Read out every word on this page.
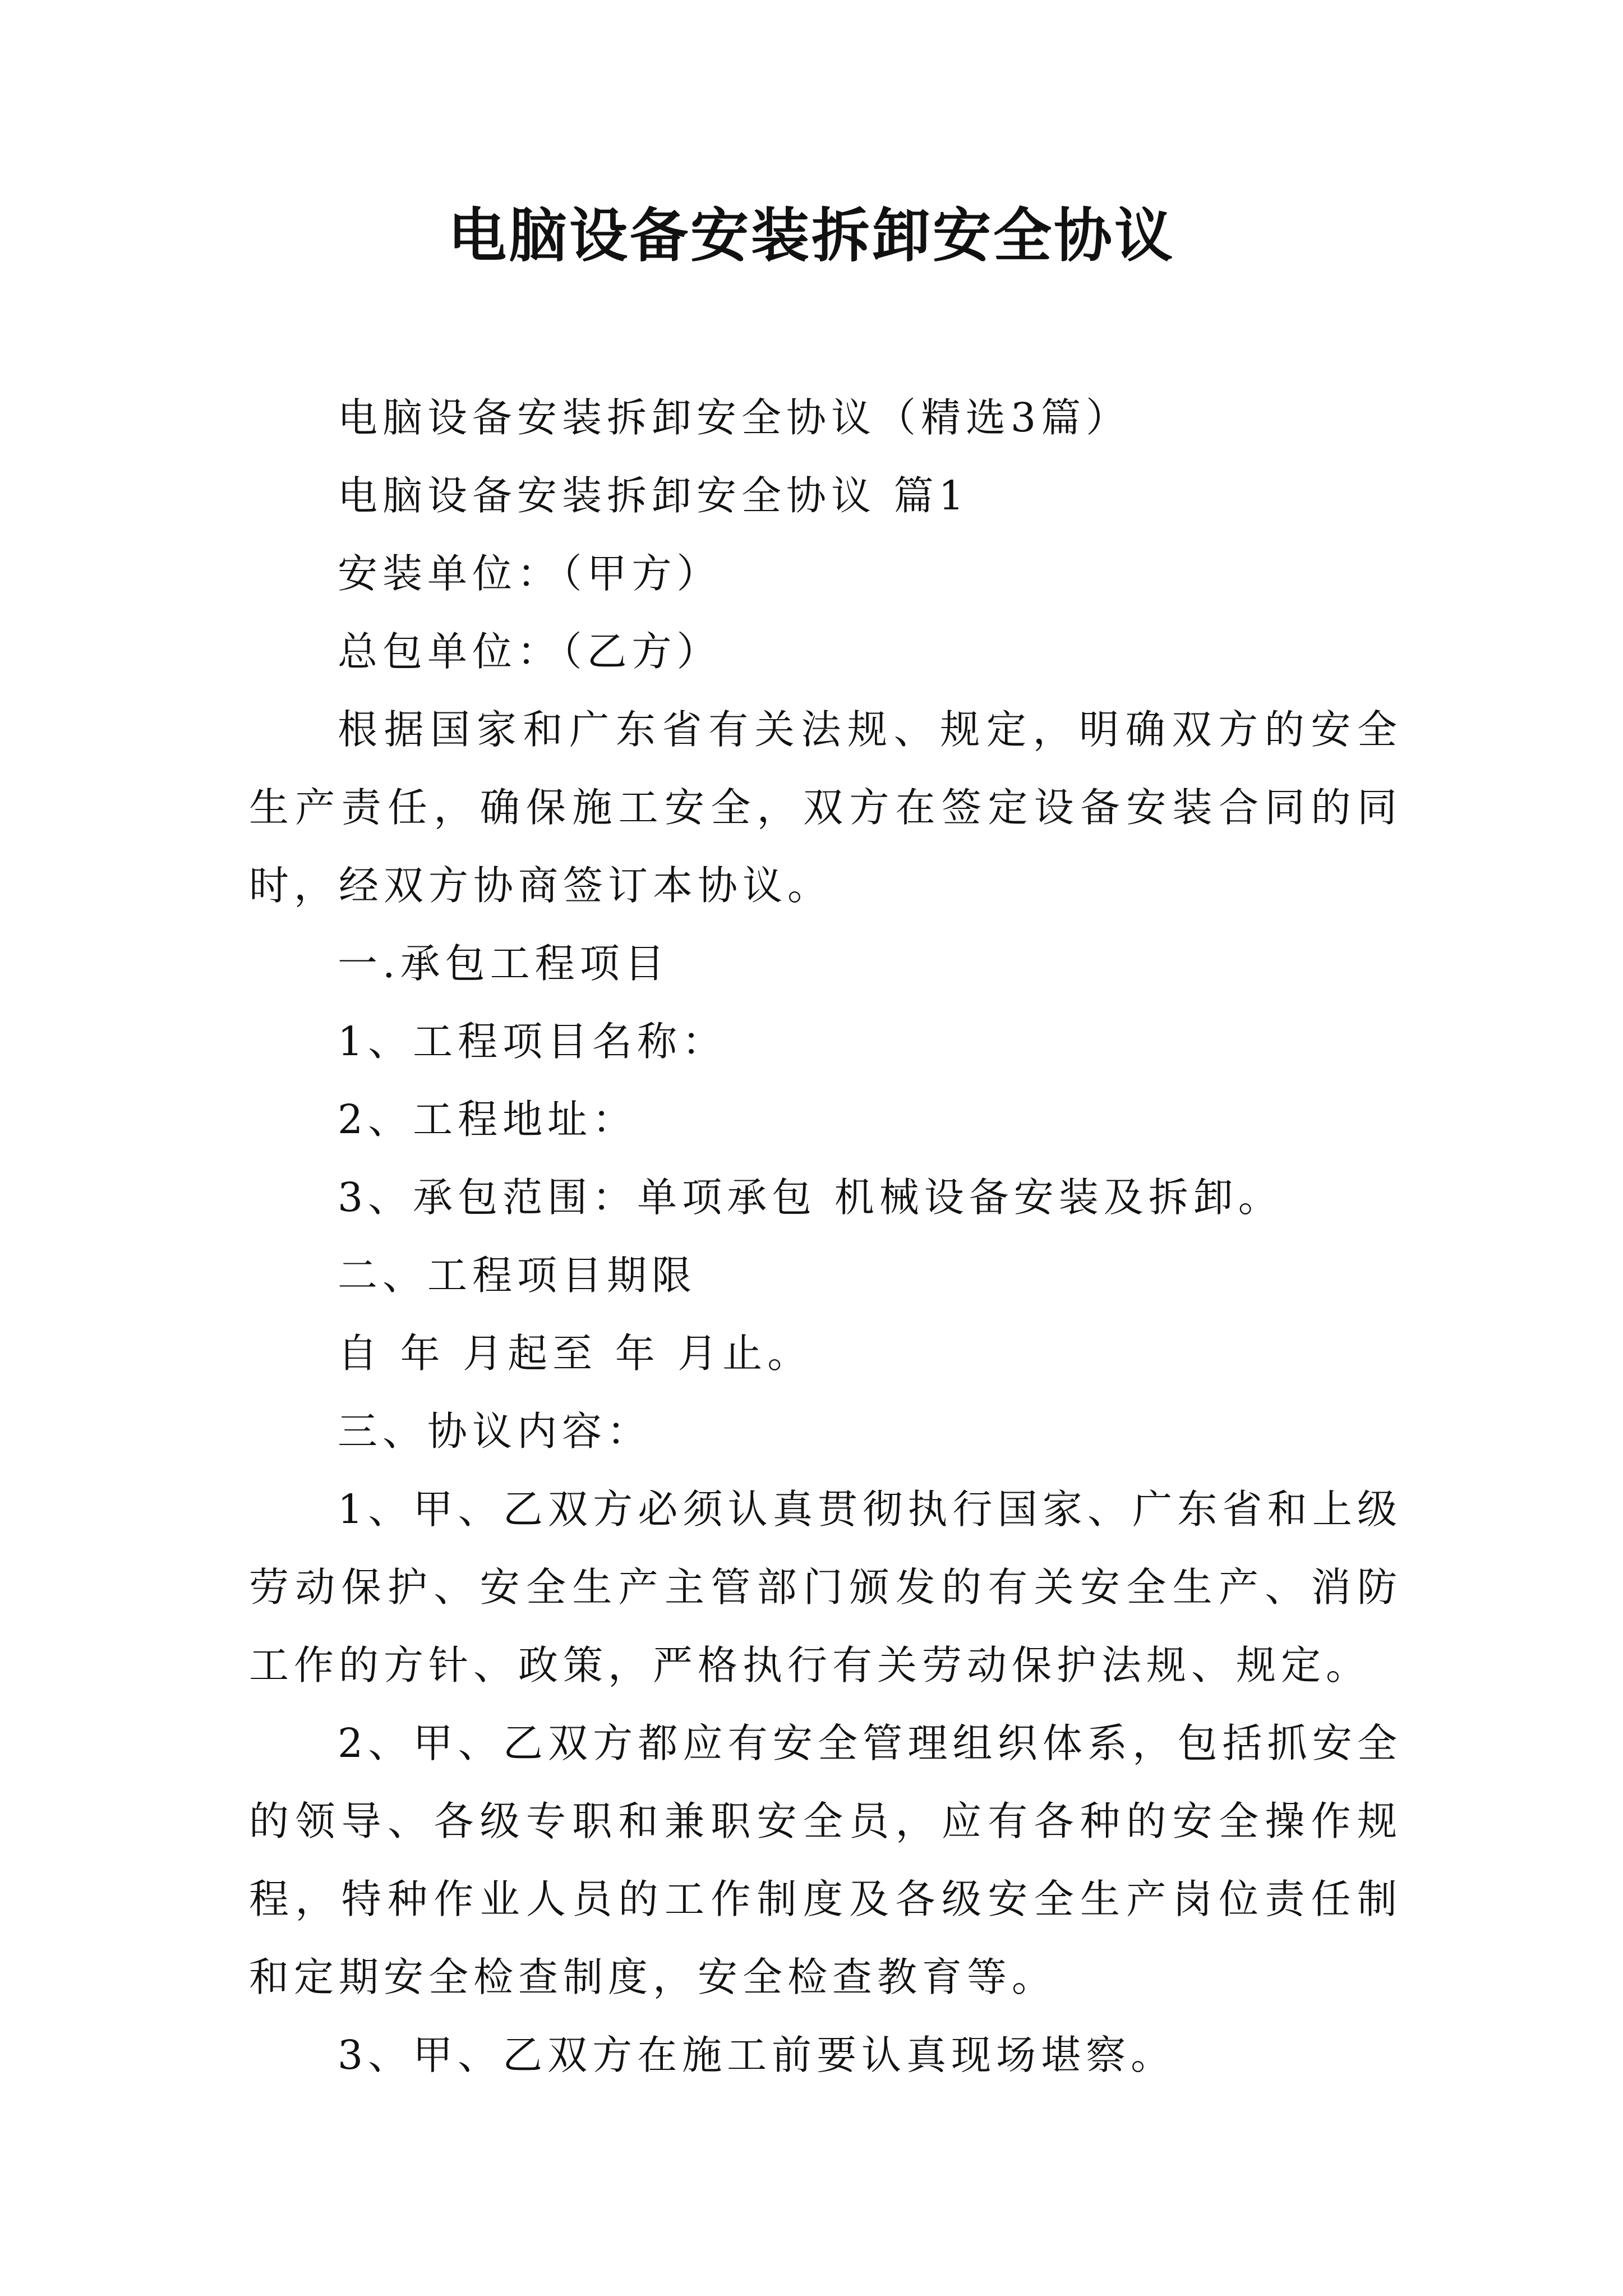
电脑设备安装拆卸安全协议

电脑设备安装拆卸安全协议（精选3篇）

电脑设备安装拆卸安全协议 篇1

安装单位：（甲方）

总包单位：（乙方）

根据国家和广东省有关法规、规定，明确双方的安全生产责任，确保施工安全，双方在签定设备安装合同的同时，经双方协商签订本协议。

一.承包工程项目

1、工程项目名称：

2、工程地址：

3、承包范围：单项承包 机械设备安装及拆卸。

二、工程项目期限

自 年 月起至 年 月止。

三、协议内容：

1、甲、乙双方必须认真贯彻执行国家、广东省和上级劳动保护、安全生产主管部门颁发的有关安全生产、消防工作的方针、政策，严格执行有关劳动保护法规、规定。

2、甲、乙双方都应有安全管理组织体系，包括抓安全的领导、各级专职和兼职安全员，应有各种的安全操作规程，特种作业人员的工作制度及各级安全生产岗位责任制和定期安全检查制度，安全检查教育等。

3、甲、乙双方在施工前要认真现场堪察。
